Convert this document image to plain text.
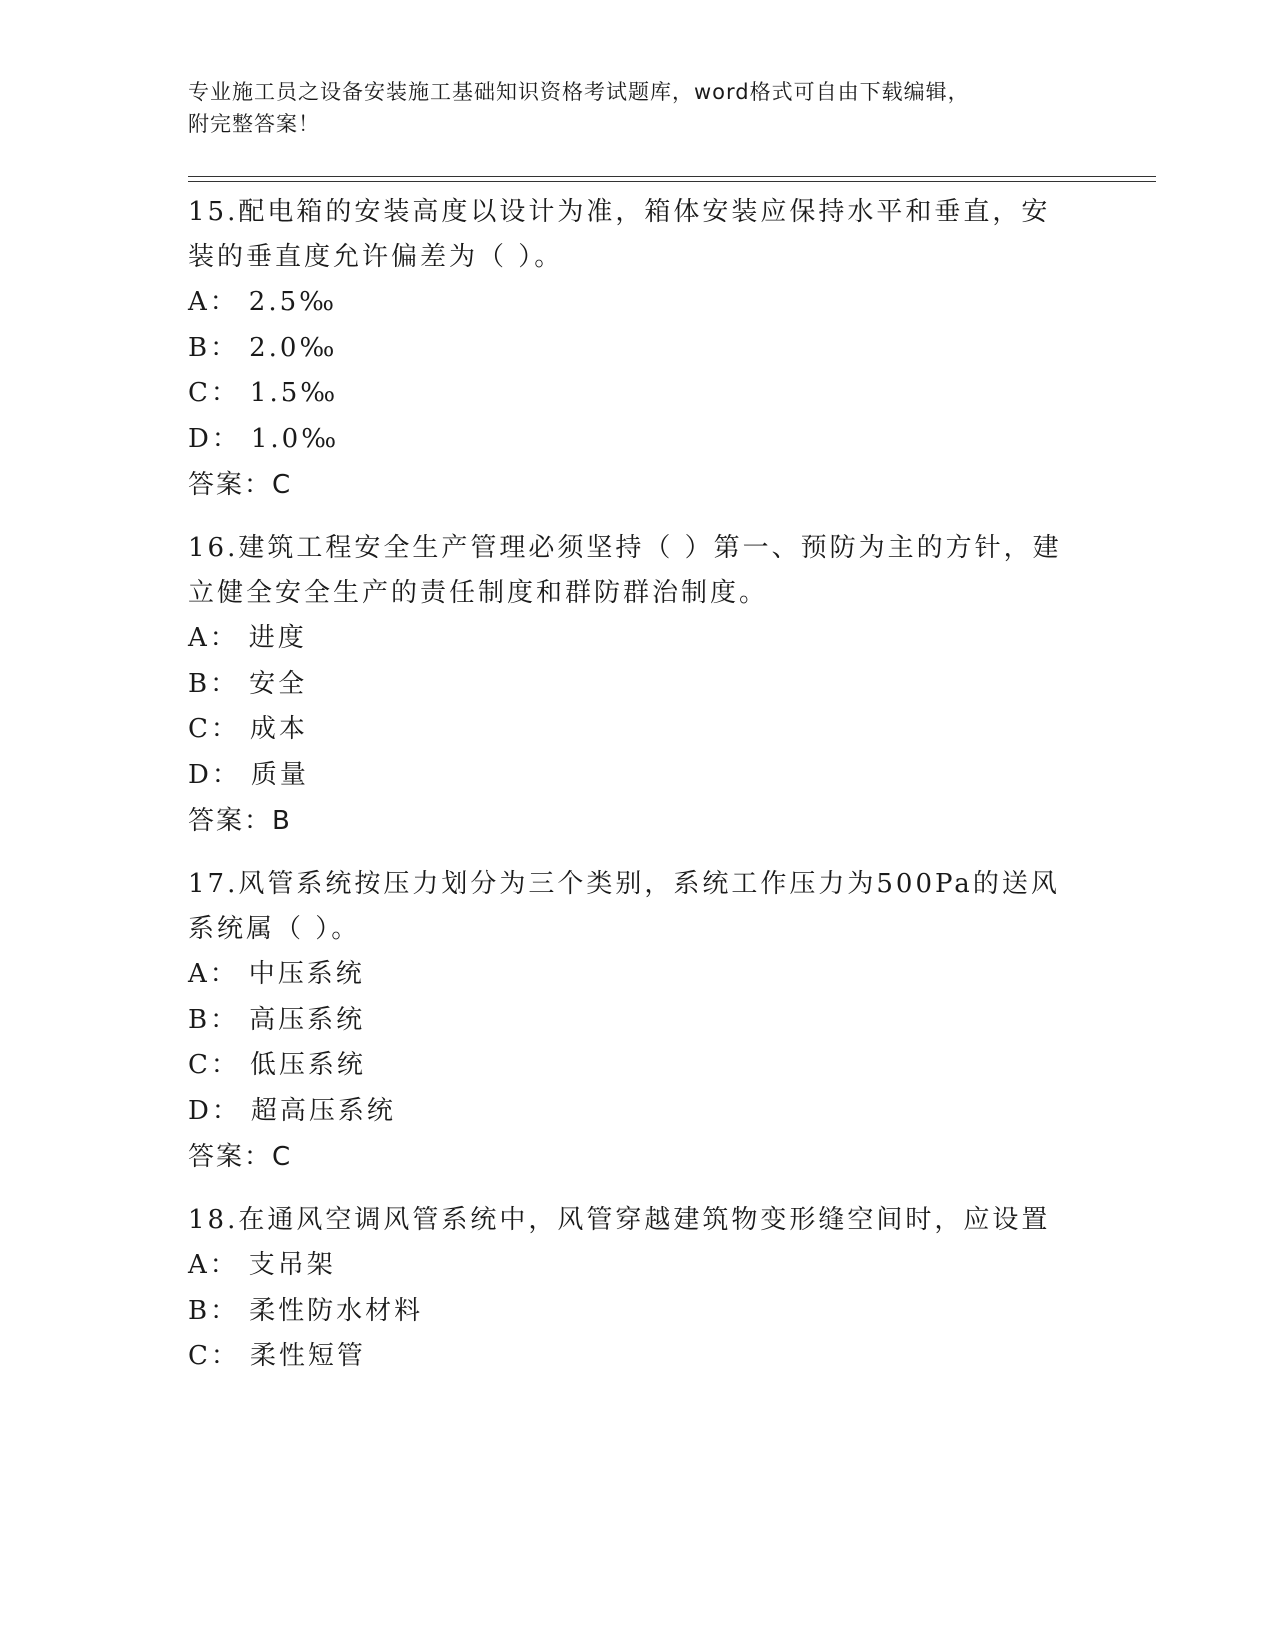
专业施工员之设备安装施工基础知识资格考试题库，word格式可自由下载编辑，
附完整答案！
15.配电箱的安装高度以设计为准，箱体安装应保持水平和垂直，安装的垂直度允许偏差为（ ）。
A： 2.5‰
B： 2.0‰
C： 1.5‰
D： 1.0‰
答案：C
16.建筑工程安全生产管理必须坚持（ ）第一、预防为主的方针，建立健全安全生产的责任制度和群防群治制度。
A： 进度
B： 安全
C： 成本
D： 质量
答案：B
17.风管系统按压力划分为三个类别，系统工作压力为500Pa的送风系统属（ ）。
A： 中压系统
B： 高压系统
C： 低压系统
D： 超高压系统
答案：C
18.在通风空调风管系统中，风管穿越建筑物变形缝空间时，应设置
A： 支吊架
B： 柔性防水材料
C： 柔性短管
